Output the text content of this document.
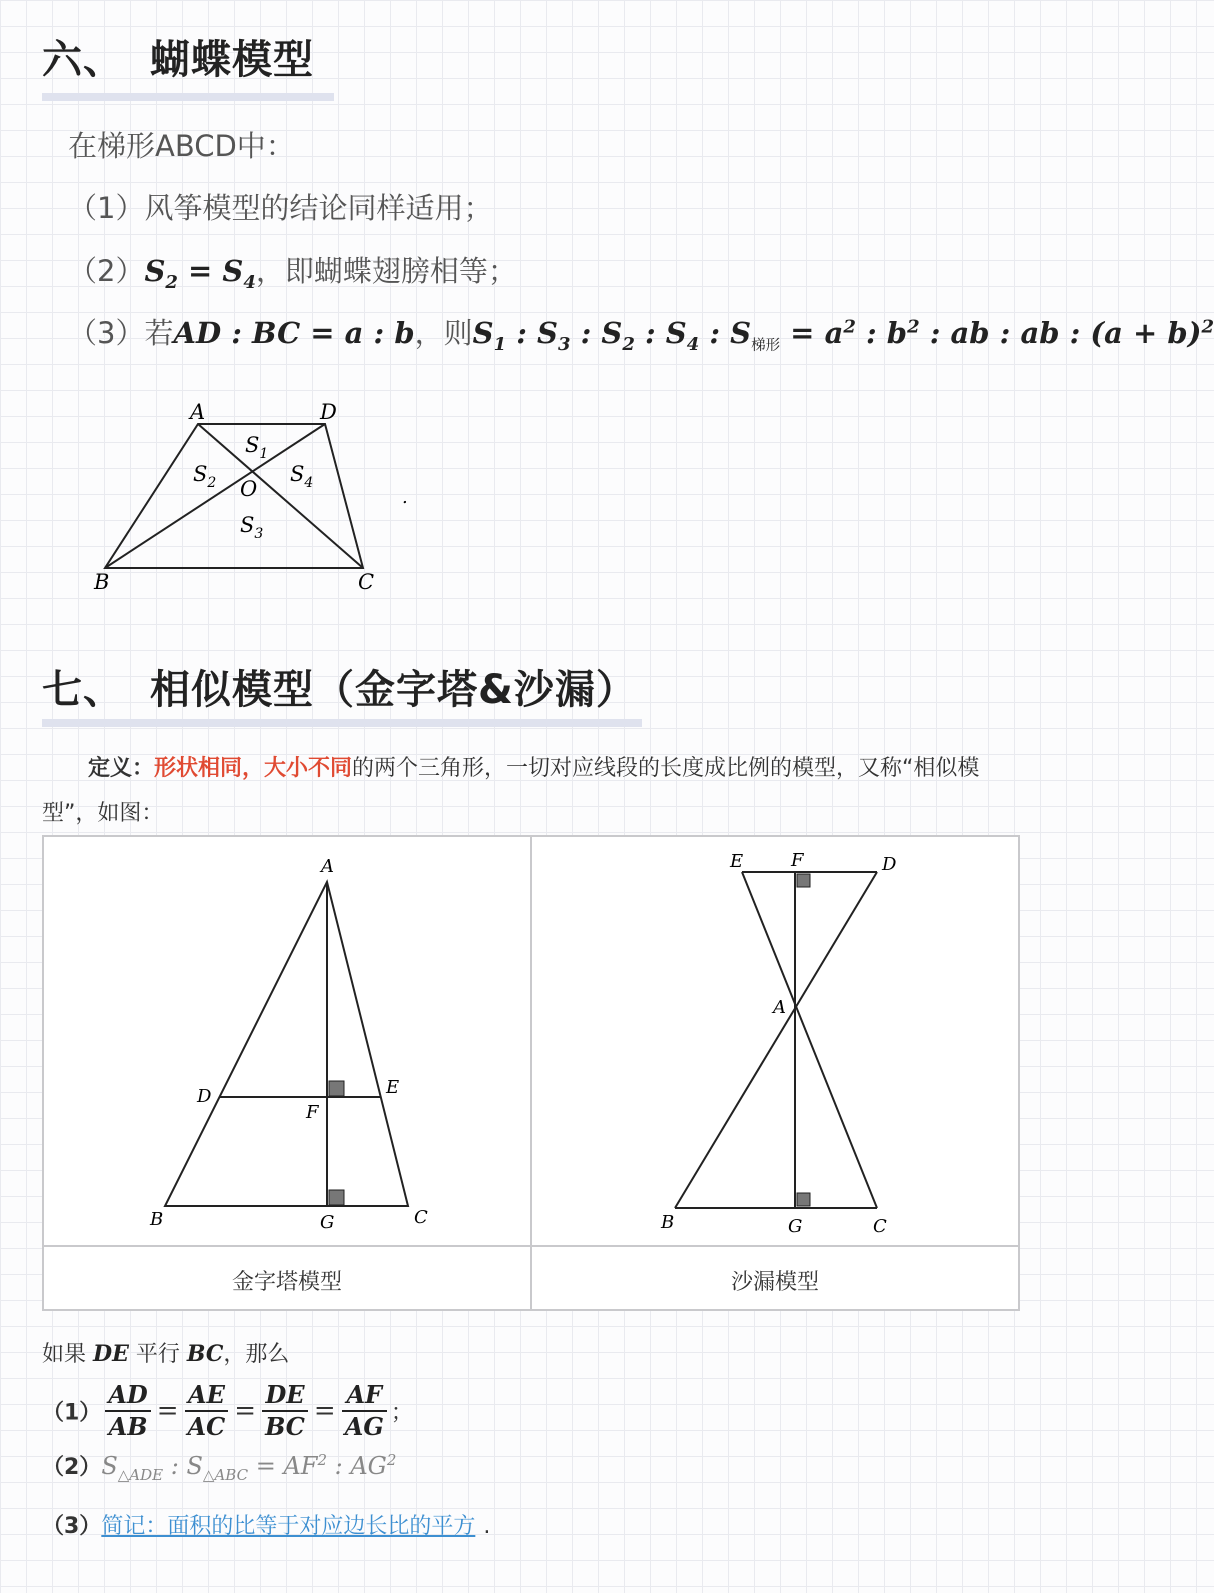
六、 蝴蝶模型
在梯形ABCD中：
（1）风筝模型的结论同样适用；
$(2)S_2 = S_4$，即蝴蝶翅膀相等；
（3）若AD : BC = a : b，则$S_1$ : $S_3$ : $S_2$ : $S_4$ : $S_{梯形} = a^2$ : $b^2$ : ab : ab : $(a + b)^2$
A	D
B	C
O
$S_1$
$S_2$
$S_3$
$S_4$
.
七、 相似模型（金字塔&沙漏）
定义：形状相同，大小不同的两个三角形，一切对应线段的长度成比例的模型，又称“相似模型”，如图：
A
B	C
D	E
F
G
E	F	D
A
B	G	C
金字塔模型	沙漏模型
如果 DE 平行 BC，那么
$(1) \frac{AD}{AB} = \frac{AE}{AC} = \frac{DE}{BC} = \frac{AF}{AG}$ ；
$(2)S_{\triangle ADE}$ : $S_{\triangle ABC} = AF^2$ : $AG^2$
（3）简记：面积的比等于对应边长比的平方 .
